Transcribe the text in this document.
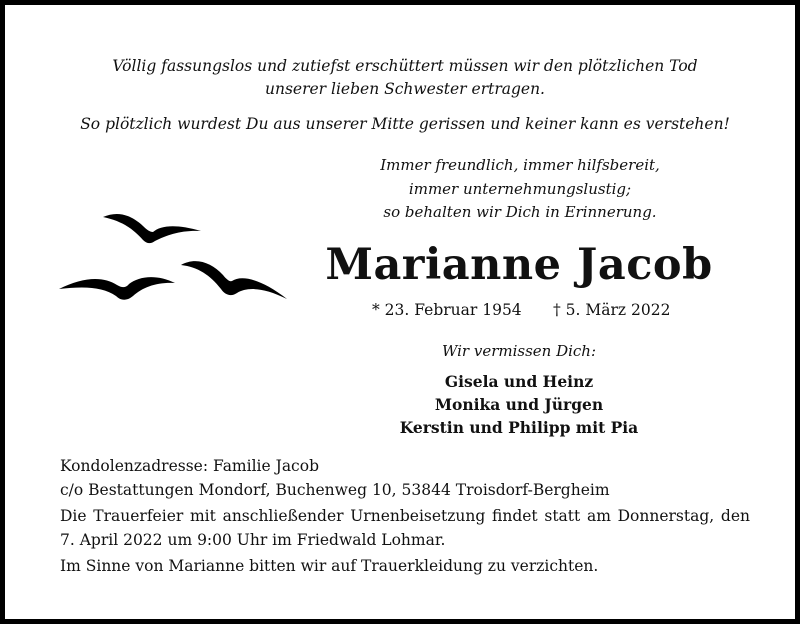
Völlig fassungslos und zutiefst erschüttert müssen wir den plötzlichen Tod
unserer lieben Schwester ertragen.
So plötzlich wurdest Du aus unserer Mitte gerissen und keiner kann es verstehen!
Immer freundlich, immer hilfsbereit,
immer unternehmungslustig;
so behalten wir Dich in Erinnerung.
Marianne Jacob
* 23. Februar 1954 † 5. März 2022
Wir vermissen Dich:
Gisela und Heinz
Monika und Jürgen
Kerstin und Philipp mit Pia

Kondolenzadresse: Familie Jacob

c/o Bestattungen Mondorf, Buchenweg 10, 53844 Troisdorf-Bergheim

Die Trauerfeier mit anschließender Urnenbeisetzung findet statt am Donnerstag, den 7. April 2022 um 9:00 Uhr im Friedwald Lohmar.

Im Sinne von Marianne bitten wir auf Trauerkleidung zu verzichten.
